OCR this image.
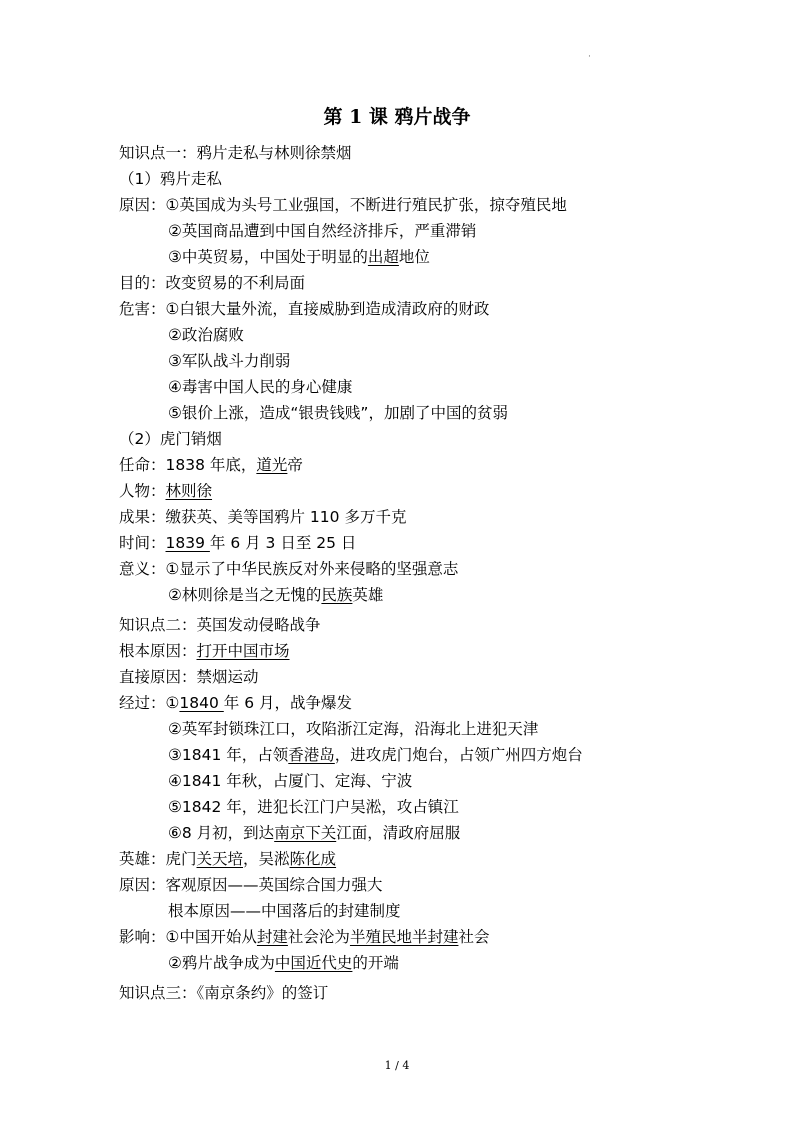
·
第 1 课 鸦片战争
知识点一：鸦片走私与林则徐禁烟
（1）鸦片走私
原因：①英国成为头号工业强国，不断进行殖民扩张，掠夺殖民地
②英国商品遭到中国自然经济排斥，严重滞销
③中英贸易，中国处于明显的出超地位
目的：改变贸易的不利局面
危害：①白银大量外流，直接威胁到造成清政府的财政
②政治腐败
③军队战斗力削弱
④毒害中国人民的身心健康
⑤银价上涨，造成“银贵钱贱”，加剧了中国的贫弱
（2）虎门销烟
任命：1838 年底，道光帝
人物：林则徐
成果：缴获英、美等国鸦片 110 多万千克
时间：1839 年 6 月 3 日至 25 日
意义：①显示了中华民族反对外来侵略的坚强意志
②林则徐是当之无愧的民族英雄
知识点二：英国发动侵略战争
根本原因：打开中国市场
直接原因：禁烟运动
经过：①1840 年 6 月，战争爆发
②英军封锁珠江口，攻陷浙江定海，沿海北上进犯天津
③1841 年，占领香港岛，进攻虎门炮台，占领广州四方炮台
④1841 年秋，占厦门、定海、宁波
⑤1842 年，进犯长江门户吴淞，攻占镇江
⑥8 月初，到达南京下关江面，清政府屈服
英雄：虎门关天培，吴淞陈化成
原因：客观原因——英国综合国力强大
根本原因——中国落后的封建制度
影响：①中国开始从封建社会沦为半殖民地半封建社会
②鸦片战争成为中国近代史的开端
知识点三：《南京条约》的签订
1 / 4
